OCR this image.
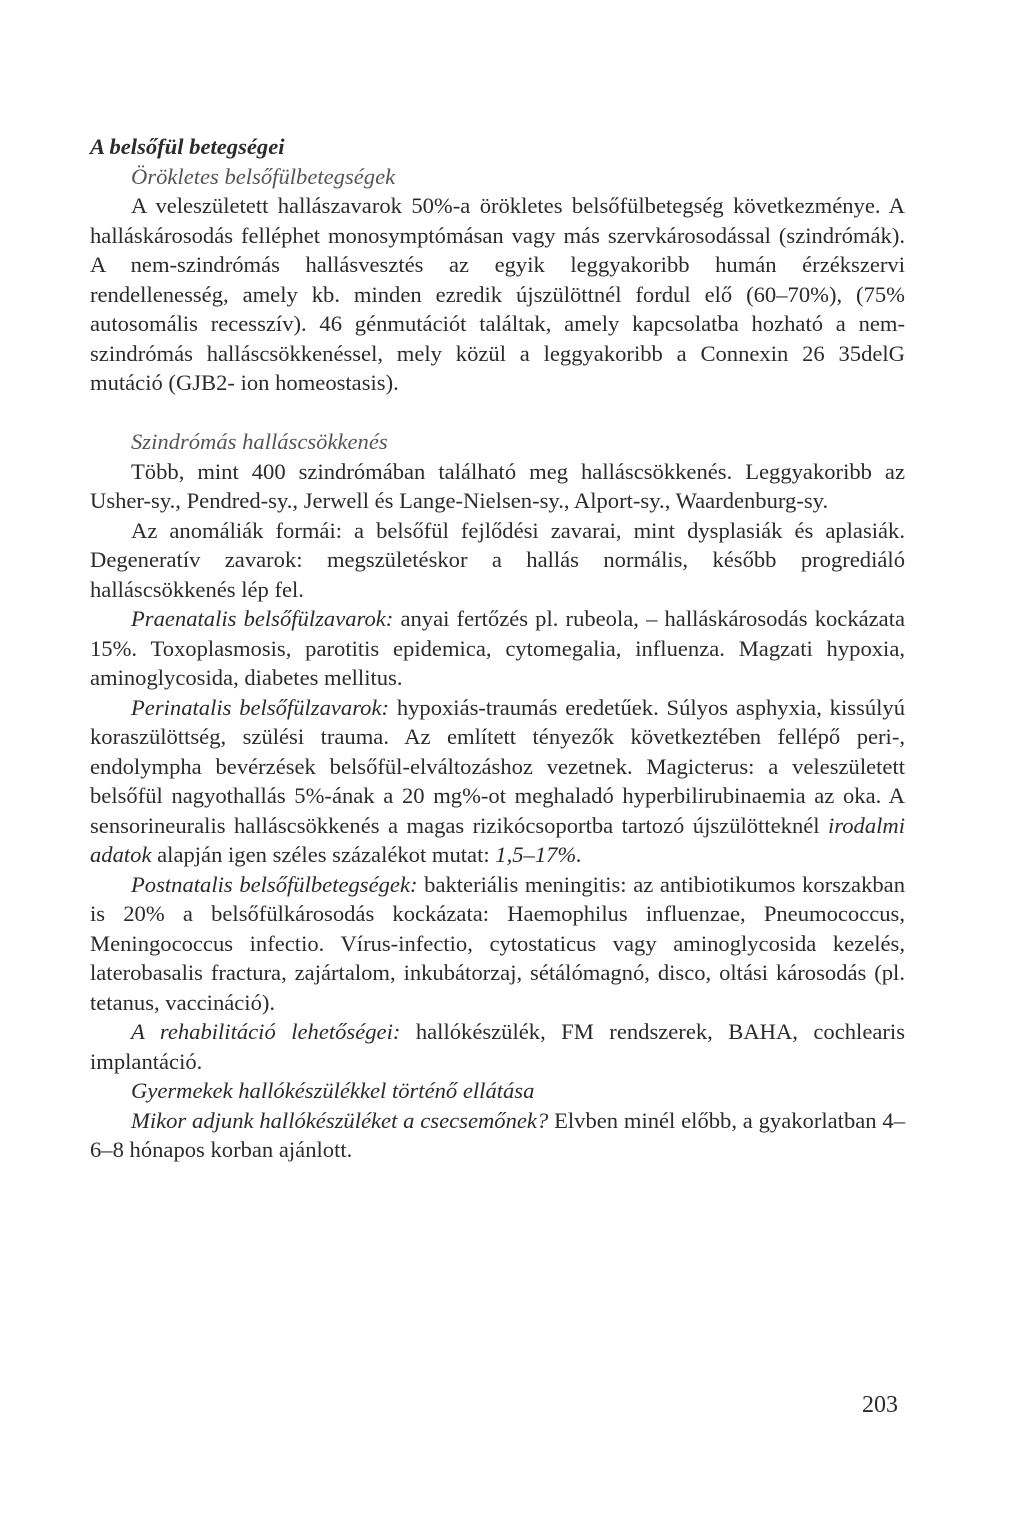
A belsőfül betegségei

Örökletes belsőfülbetegségek

A veleszületett hallászavarok 50%-a örökletes belsőfülbetegség következménye. A halláskárosodás felléphet monosymptómásan vagy más szervkárosodással (szindrómák). A nem-szindrómás hallásvesztés az egyik leggyakoribb humán érzékszervi rendellenesség, amely kb. minden ezredik újszülöttnél fordul elő (60–70%), (75% autosomális recesszív). 46 génmutációt találtak, amely kapcsolatba hozható a nem-szindrómás halláscsökkenéssel, mely közül a leggyakoribb a Connexin 26 35delG mutáció (GJB2- ion homeostasis).

Szindrómás halláscsökkenés

Több, mint 400 szindrómában található meg halláscsökkenés. Leggyakoribb az Usher-sy., Pendred-sy., Jerwell és Lange-Nielsen-sy., Alport-sy., Waardenburg-sy.

Az anomáliák formái: a belsőfül fejlődési zavarai, mint dysplasiák és aplasiák. Degeneratív zavarok: megszületéskor a hallás normális, később progrediáló halláscsökkenés lép fel.

Praenatalis belsőfülzavarok: anyai fertőzés pl. rubeola, – halláskárosodás kockázata 15%. Toxoplasmosis, parotitis epidemica, cytomegalia, influenza. Magzati hypoxia, aminoglycosida, diabetes mellitus.

Perinatalis belsőfülzavarok: hypoxiás-traumás eredetűek. Súlyos asphyxia, kissúlyú koraszülöttség, szülési trauma. Az említett tényezők következtében fellépő peri-, endolympha bevérzések belsőfül-elváltozáshoz vezetnek. Magicterus: a veleszületett belsőfül nagyothallás 5%-ának a 20 mg%-ot meghaladó hyperbilirubinaemia az oka. A sensorineuralis halláscsökkenés a magas rizikócsoportba tartozó újszülötteknél irodalmi adatok alapján igen széles százalékot mutat: 1,5–17%.

Postnatalis belsőfülbetegségek: bakteriális meningitis: az antibiotikumos korszakban is 20% a belsőfülkárosodás kockázata: Haemophilus influenzae, Pneumococcus, Meningococcus infectio. Vírus-infectio, cytostaticus vagy aminoglycosida kezelés, laterobasalis fractura, zajártalom, inkubátorzaj, sétálómagnó, disco, oltási károsodás (pl. tetanus, vaccináció).

A rehabilitáció lehetőségei: hallókészülék, FM rendszerek, BAHA, cochlearis implantáció.

Gyermekek hallókészülékkel történő ellátása

Mikor adjunk hallókészüléket a csecsemőnek? Elvben minél előbb, a gyakorlatban 4–6–8 hónapos korban ajánlott.

203
